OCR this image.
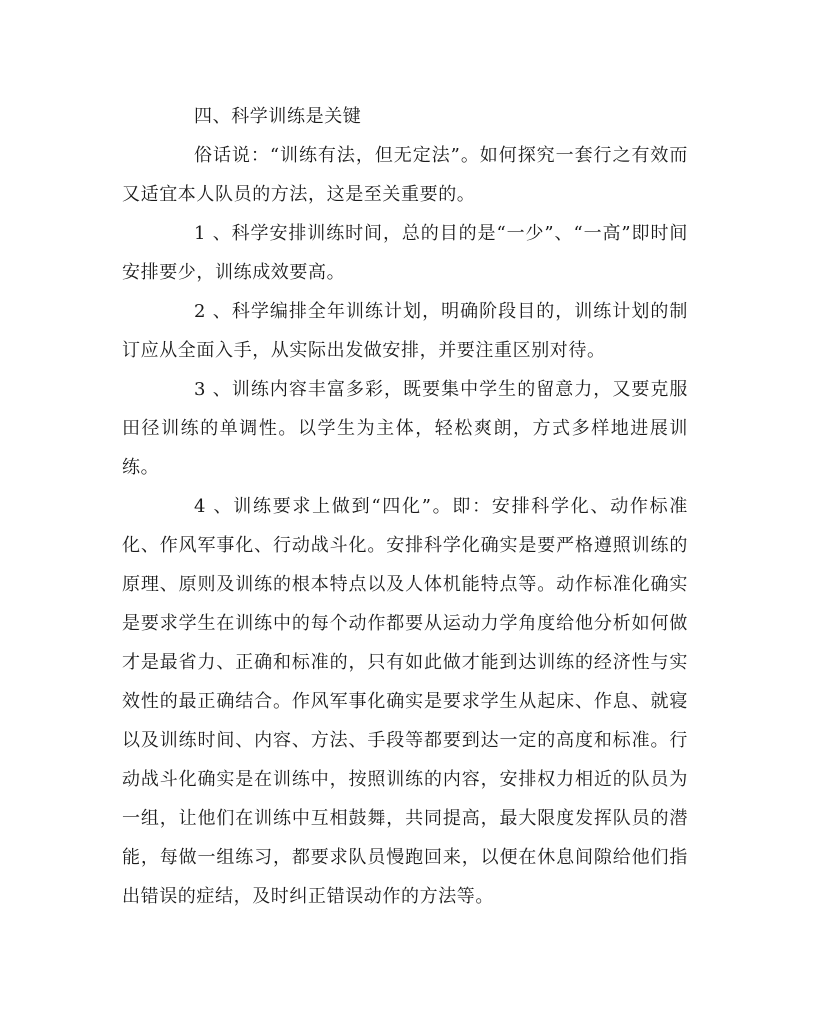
四、科学训练是关键

俗话说：“训练有法，但无定法”。如何探究一套行之有效而又适宜本人队员的方法，这是至关重要的。

1 、科学安排训练时间，总的目的是“一少”、“一高”即时间安排要少，训练成效要高。

2 、科学编排全年训练计划，明确阶段目的，训练计划的制订应从全面入手，从实际出发做安排，并要注重区别对待。

3 、训练内容丰富多彩，既要集中学生的留意力，又要克服田径训练的单调性。以学生为主体，轻松爽朗，方式多样地进展训练。

4 、训练要求上做到“四化”。即：安排科学化、动作标准化、作风军事化、行动战斗化。安排科学化确实是要严格遵照训练的原理、原则及训练的根本特点以及人体机能特点等。动作标准化确实是要求学生在训练中的每个动作都要从运动力学角度给他分析如何做才是最省力、正确和标准的，只有如此做才能到达训练的经济性与实效性的最正确结合。作风军事化确实是要求学生从起床、作息、就寝以及训练时间、内容、方法、手段等都要到达一定的高度和标准。行动战斗化确实是在训练中，按照训练的内容，安排权力相近的队员为一组，让他们在训练中互相鼓舞，共同提高，最大限度发挥队员的潜能，每做一组练习，都要求队员慢跑回来，以便在休息间隙给他们指出错误的症结，及时纠正错误动作的方法等。
